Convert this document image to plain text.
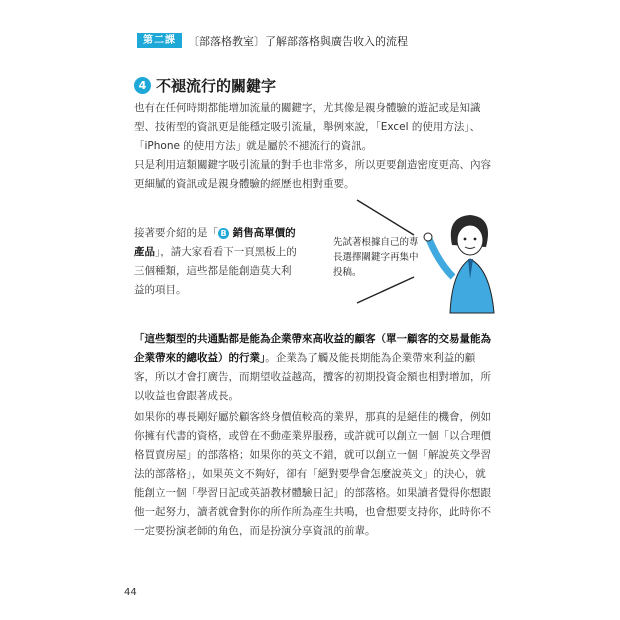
第二課	〔部落格教室〕了解部落格與廣告收入的流程
4 不褪流行的關鍵字

也有在任何時期都能增加流量的關鍵字，尤其像是親身體驗的遊記或是知識型、技術型的資訊更是能穩定吸引流量，舉例來說，「Excel 的使用方法」、「iPhone 的使用方法」就是屬於不褪流行的資訊。

只是利用這類關鍵字吸引流量的對手也非常多，所以更要創造密度更高、內容更細膩的資訊或是親身體驗的經歷也相對重要。

接著要介紹的是「 B 銷售高單價的產品」，請大家看看下一頁黑板上的三個種類，這些都是能創造莫大利益的項目。

先試著根據自己的專長選擇關鍵字再集中投稿。

「這些類型的共通點都是能為企業帶來高收益的顧客（單一顧客的交易量能為企業帶來的總收益）的行業」。企業為了觸及能長期能為企業帶來利益的顧客，所以才會打廣告，而期望收益越高，攬客的初期投資金額也相對增加，所以收益也會跟著成長。

如果你的專長剛好屬於顧客終身價值較高的業界，那真的是絕佳的機會，例如你擁有代書的資格，或曾在不動產業界服務，或許就可以創立一個「以合理價格買賣房屋」的部落格；如果你的英文不錯，就可以創立一個「解說英文學習法的部落格」，如果英文不夠好，卻有「絕對要學會怎麼說英文」的決心，就能創立一個「學習日記或英語教材體驗日記」的部落格。如果讀者覺得你想跟他一起努力，讀者就會對你的所作所為產生共鳴，也會想要支持你，此時你不一定要扮演老師的角色，而是扮演分享資訊的前輩。

44
